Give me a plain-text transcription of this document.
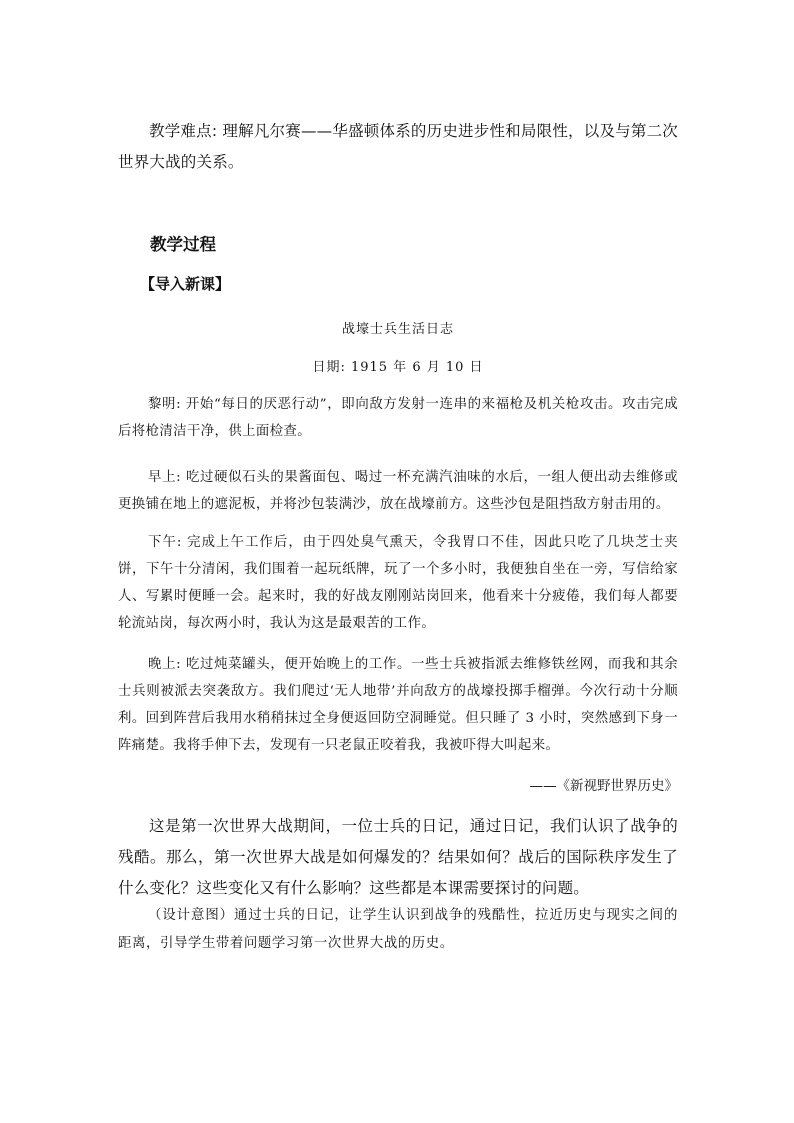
教学难点: 理解凡尔赛——华盛顿体系的历史进步性和局限性，以及与第二次世界大战的关系。

教学过程

【导入新课】

战壕士兵生活日志

日期: 1915 年 6 月 10 日

黎明: 开始“每日的厌恶行动”，即向敌方发射一连串的来福枪及机关枪攻击。攻击完成后将枪清洁干净，供上面检查。

早上: 吃过硬似石头的果酱面包、喝过一杯充满汽油味的水后，一组人便出动去维修或更换铺在地上的遮泥板，并将沙包装满沙，放在战壕前方。这些沙包是阻挡敌方射击用的。

下午: 完成上午工作后，由于四处臭气熏天，令我胃口不佳，因此只吃了几块芝士夹饼，下午十分清闲，我们围着一起玩纸牌，玩了一个多小时，我便独自坐在一旁，写信给家人、写累时便睡一会。起来时，我的好战友刚刚站岗回来，他看来十分疲倦，我们每人都要轮流站岗，每次两小时，我认为这是最艰苦的工作。

晚上: 吃过炖菜罐头，便开始晚上的工作。一些士兵被指派去维修铁丝网，而我和其余士兵则被派去突袭敌方。我们爬过‘无人地带’并向敌方的战壕投掷手榴弹。今次行动十分顺利。回到阵营后我用水稍稍抹过全身便返回防空洞睡觉。但只睡了 3 小时，突然感到下身一阵痛楚。我将手伸下去，发现有一只老鼠正咬着我，我被吓得大叫起来。

——《新视野世界历史》

这是第一次世界大战期间，一位士兵的日记，通过日记，我们认识了战争的残酷。那么，第一次世界大战是如何爆发的？结果如何？战后的国际秩序发生了什么变化？这些变化又有什么影响？这些都是本课需要探讨的问题。

（设计意图）通过士兵的日记，让学生认识到战争的残酷性，拉近历史与现实之间的距离，引导学生带着问题学习第一次世界大战的历史。
